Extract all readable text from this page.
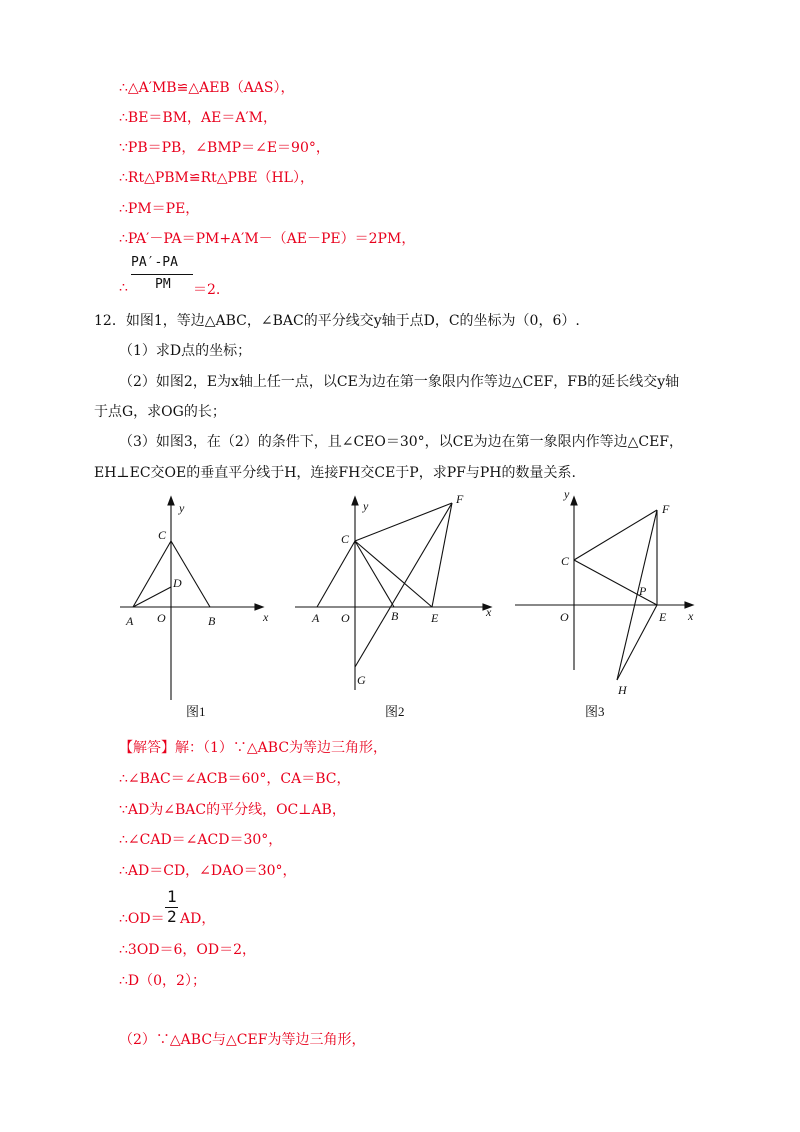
∴△A′MB≌△AEB（AAS），
∴BE＝BM，AE＝A′M，
∵PB＝PB，∠BMP＝∠E＝90°，
∴Rt△PBM≌Rt△PBE（HL），
∴PM＝PE，
∴PA′－PA＝PM+A′M－（AE－PE）＝2PM，
∴
PA′-PA
PM ＝2.
12．如图1，等边△ABC，∠BAC的平分线交y轴于点D，C的坐标为（0，6）.
（1）求D点的坐标；
（2）如图2，E为x轴上任一点，以CE为边在第一象限内作等边△CEF，FB的延长线交y轴
于点G，求OG的长；
（3）如图3，在（2）的条件下，且∠CEO＝30°，以CE为边在第一象限内作等边△CEF，
EH⊥EC交OE的垂直平分线于H，连接FH交CE于P，求PF与PH的数量关系.
y
x
C
D
A O	B
图1
y
x
C
F
A O	B	E
G
图2
y
x
C
F
O
P
E
H
图3
【解答】解：（1）∵△ABC为等边三角形，
∴∠BAC＝∠ACB＝60°，CA＝BC，
∵AD为∠BAC的平分线，OC⊥AB，
∴∠CAD＝∠ACD＝30°，
∴AD＝CD，∠DAO＝30°，
∴OD＝
1
2 AD，
∴3OD＝6，OD＝2，
∴D（0，2）；
（2）∵△ABC与△CEF为等边三角形，
